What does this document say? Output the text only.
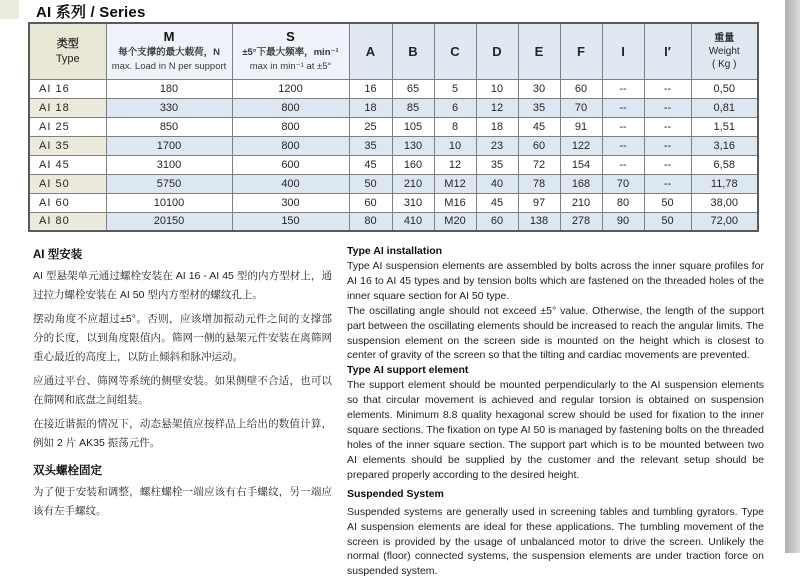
AI 系列 / Series
类型
Type	M
每个支撑的最大载荷，N
max. Load in N per support	S
±5°下最大频率，min⁻¹
max in min⁻¹ at ±5°	A	B	C	D	E	F	I	I′	重量
Weight
( Kg )

AI 16	180	1200	16	65	5	10	30	60	--	--	0,50
AI 18	330	800	18	85	6	12	35	70	--	--	0,81
AI 25	850	800	25	105	8	18	45	91	--	--	1,51
AI 35	1700	800	35	130	10	23	60	122	--	--	3,16
AI 45	3100	600	45	160	12	35	72	154	--	--	6,58
AI 50	5750	400	50	210	M12	40	78	168	70	--	11,78
AI 60	10100	300	60	310	M16	45	97	210	80	50	38,00
AI 80	20150	150	80	410	M20	60	138	278	90	50	72,00
AI 型安装

AI 型悬架单元通过螺栓安装在 AI 16 - AI 45 型的内方型材上，通过拉力螺栓安装在 AI 50 型内方型材的螺纹孔上。

摆动角度不应超过±5°。否则，应该增加振动元件之间的支撑部分的长度，以到角度限值内。筛网一侧的悬架元件安装在离筛网重心最近的高度上，以防止倾斜和脉冲运动。

应通过平台、筛网等系统的侧壁安装。如果侧壁不合适，也可以在筛网和底盘之间组装。

在接近谐振的情况下，动态悬架值应按样品上给出的数值计算，例如 2 片 AK35 振荡元件。

双头螺栓固定

为了便于安装和调整，螺柱螺栓一端应该有右手螺纹，另一端应该有左手螺纹。

Type AI installation

Type AI suspension elements are assembled by bolts across the inner square profiles for AI 16 to AI 45 types and by tension bolts which are fastened on the threaded holes of the inner square section for AI 50 type.

The oscillating angle should not exceed ±5° value. Otherwise, the length of the support part between the oscillating elements should be increased to reach the angular limits. The suspension element on the screen side is mounted on the height which is closest to center of gravity of the screen so that the tilting and cardiac movements are prevented.

Type AI support element

The support element should be mounted perpendicularly to the AI suspension elements so that circular movement is achieved and regular torsion is obtained on suspension elements. Minimum 8.8 quality hexagonal screw should be used for fixation to the inner square sections. The fixation on type AI 50 is managed by fastening bolts on the threaded holes of the inner square section. The support part which is to be mounted between two AI elements should be supplied by the customer and the relevant setup should be prepared properly according to the desired height.

Suspended System

Suspended systems are generally used in screening tables and tumbling gyrators. Type AI suspension elements are ideal for these applications. The tumbling movement of the screen is provided by the usage of unbalanced motor to drive the screen. Unlikely the normal (floor) connected systems, the suspension elements are under traction force on suspended system.
